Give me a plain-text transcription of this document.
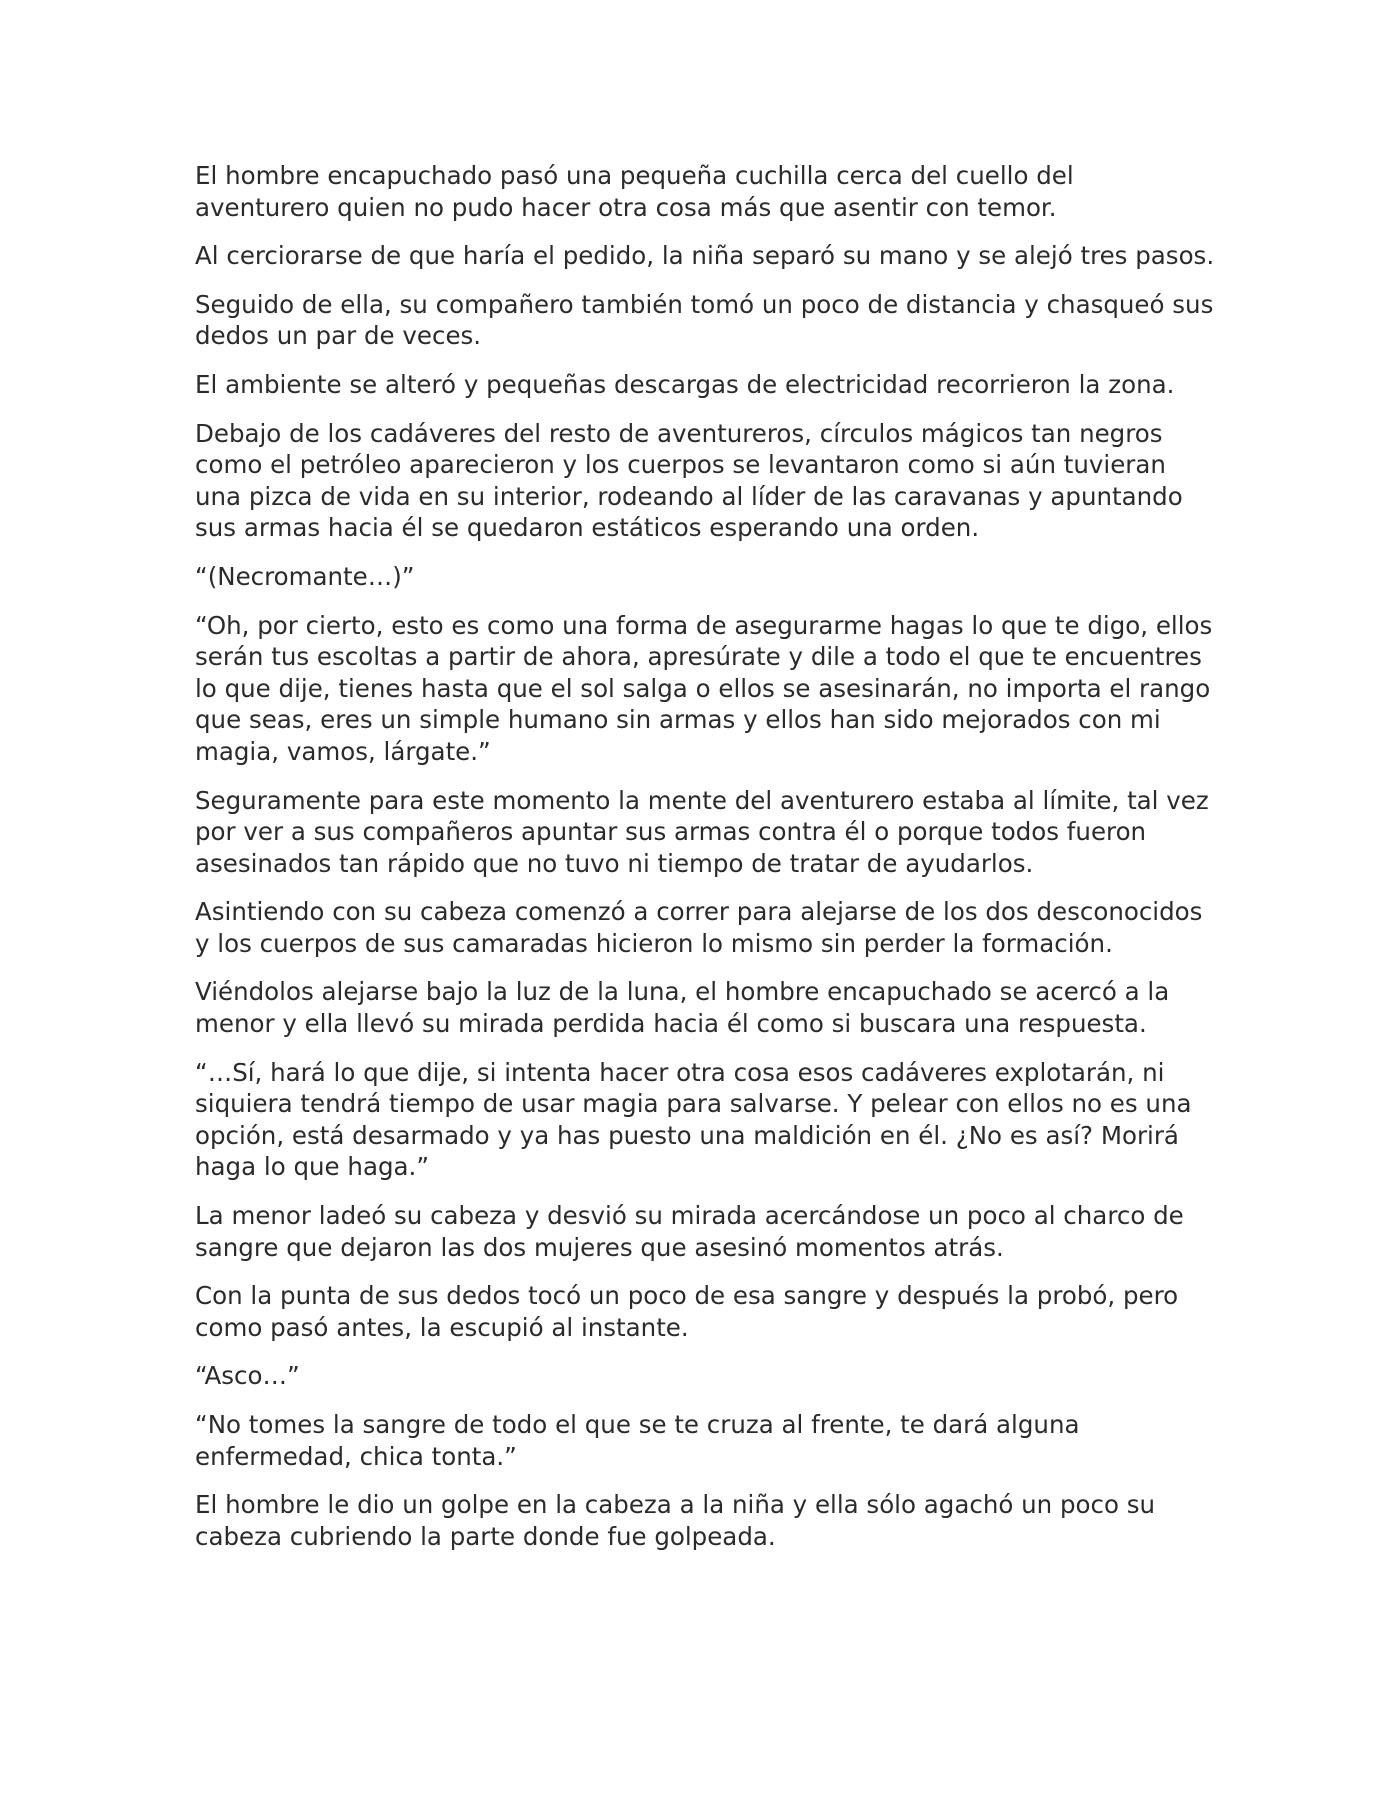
El hombre encapuchado pasó una pequeña cuchilla cerca del cuello del aventurero quien no pudo hacer otra cosa más que asentir con temor.

Al cerciorarse de que haría el pedido, la niña separó su mano y se alejó tres pasos.

Seguido de ella, su compañero también tomó un poco de distancia y chasqueó sus dedos un par de veces.

El ambiente se alteró y pequeñas descargas de electricidad recorrieron la zona.

Debajo de los cadáveres del resto de aventureros, círculos mágicos tan negros como el petróleo aparecieron y los cuerpos se levantaron como si aún tuvieran una pizca de vida en su interior, rodeando al líder de las caravanas y apuntando sus armas hacia él se quedaron estáticos esperando una orden.

“(Necromante…)”

“Oh, por cierto, esto es como una forma de asegurarme hagas lo que te digo, ellos serán tus escoltas a partir de ahora, apresúrate y dile a todo el que te encuentres lo que dije, tienes hasta que el sol salga o ellos se asesinarán, no importa el rango que seas, eres un simple humano sin armas y ellos han sido mejorados con mi magia, vamos, lárgate.”

Seguramente para este momento la mente del aventurero estaba al límite, tal vez por ver a sus compañeros apuntar sus armas contra él o porque todos fueron asesinados tan rápido que no tuvo ni tiempo de tratar de ayudarlos.

Asintiendo con su cabeza comenzó a correr para alejarse de los dos desconocidos y los cuerpos de sus camaradas hicieron lo mismo sin perder la formación.

Viéndolos alejarse bajo la luz de la luna, el hombre encapuchado se acercó a la menor y ella llevó su mirada perdida hacia él como si buscara una respuesta.

“…Sí, hará lo que dije, si intenta hacer otra cosa esos cadáveres explotarán, ni siquiera tendrá tiempo de usar magia para salvarse. Y pelear con ellos no es una opción, está desarmado y ya has puesto una maldición en él. ¿No es así? Morirá haga lo que haga.”

La menor ladeó su cabeza y desvió su mirada acercándose un poco al charco de sangre que dejaron las dos mujeres que asesinó momentos atrás.

Con la punta de sus dedos tocó un poco de esa sangre y después la probó, pero como pasó antes, la escupió al instante.

“Asco…”

“No tomes la sangre de todo el que se te cruza al frente, te dará alguna enfermedad, chica tonta.”

El hombre le dio un golpe en la cabeza a la niña y ella sólo agachó un poco su cabeza cubriendo la parte donde fue golpeada.
